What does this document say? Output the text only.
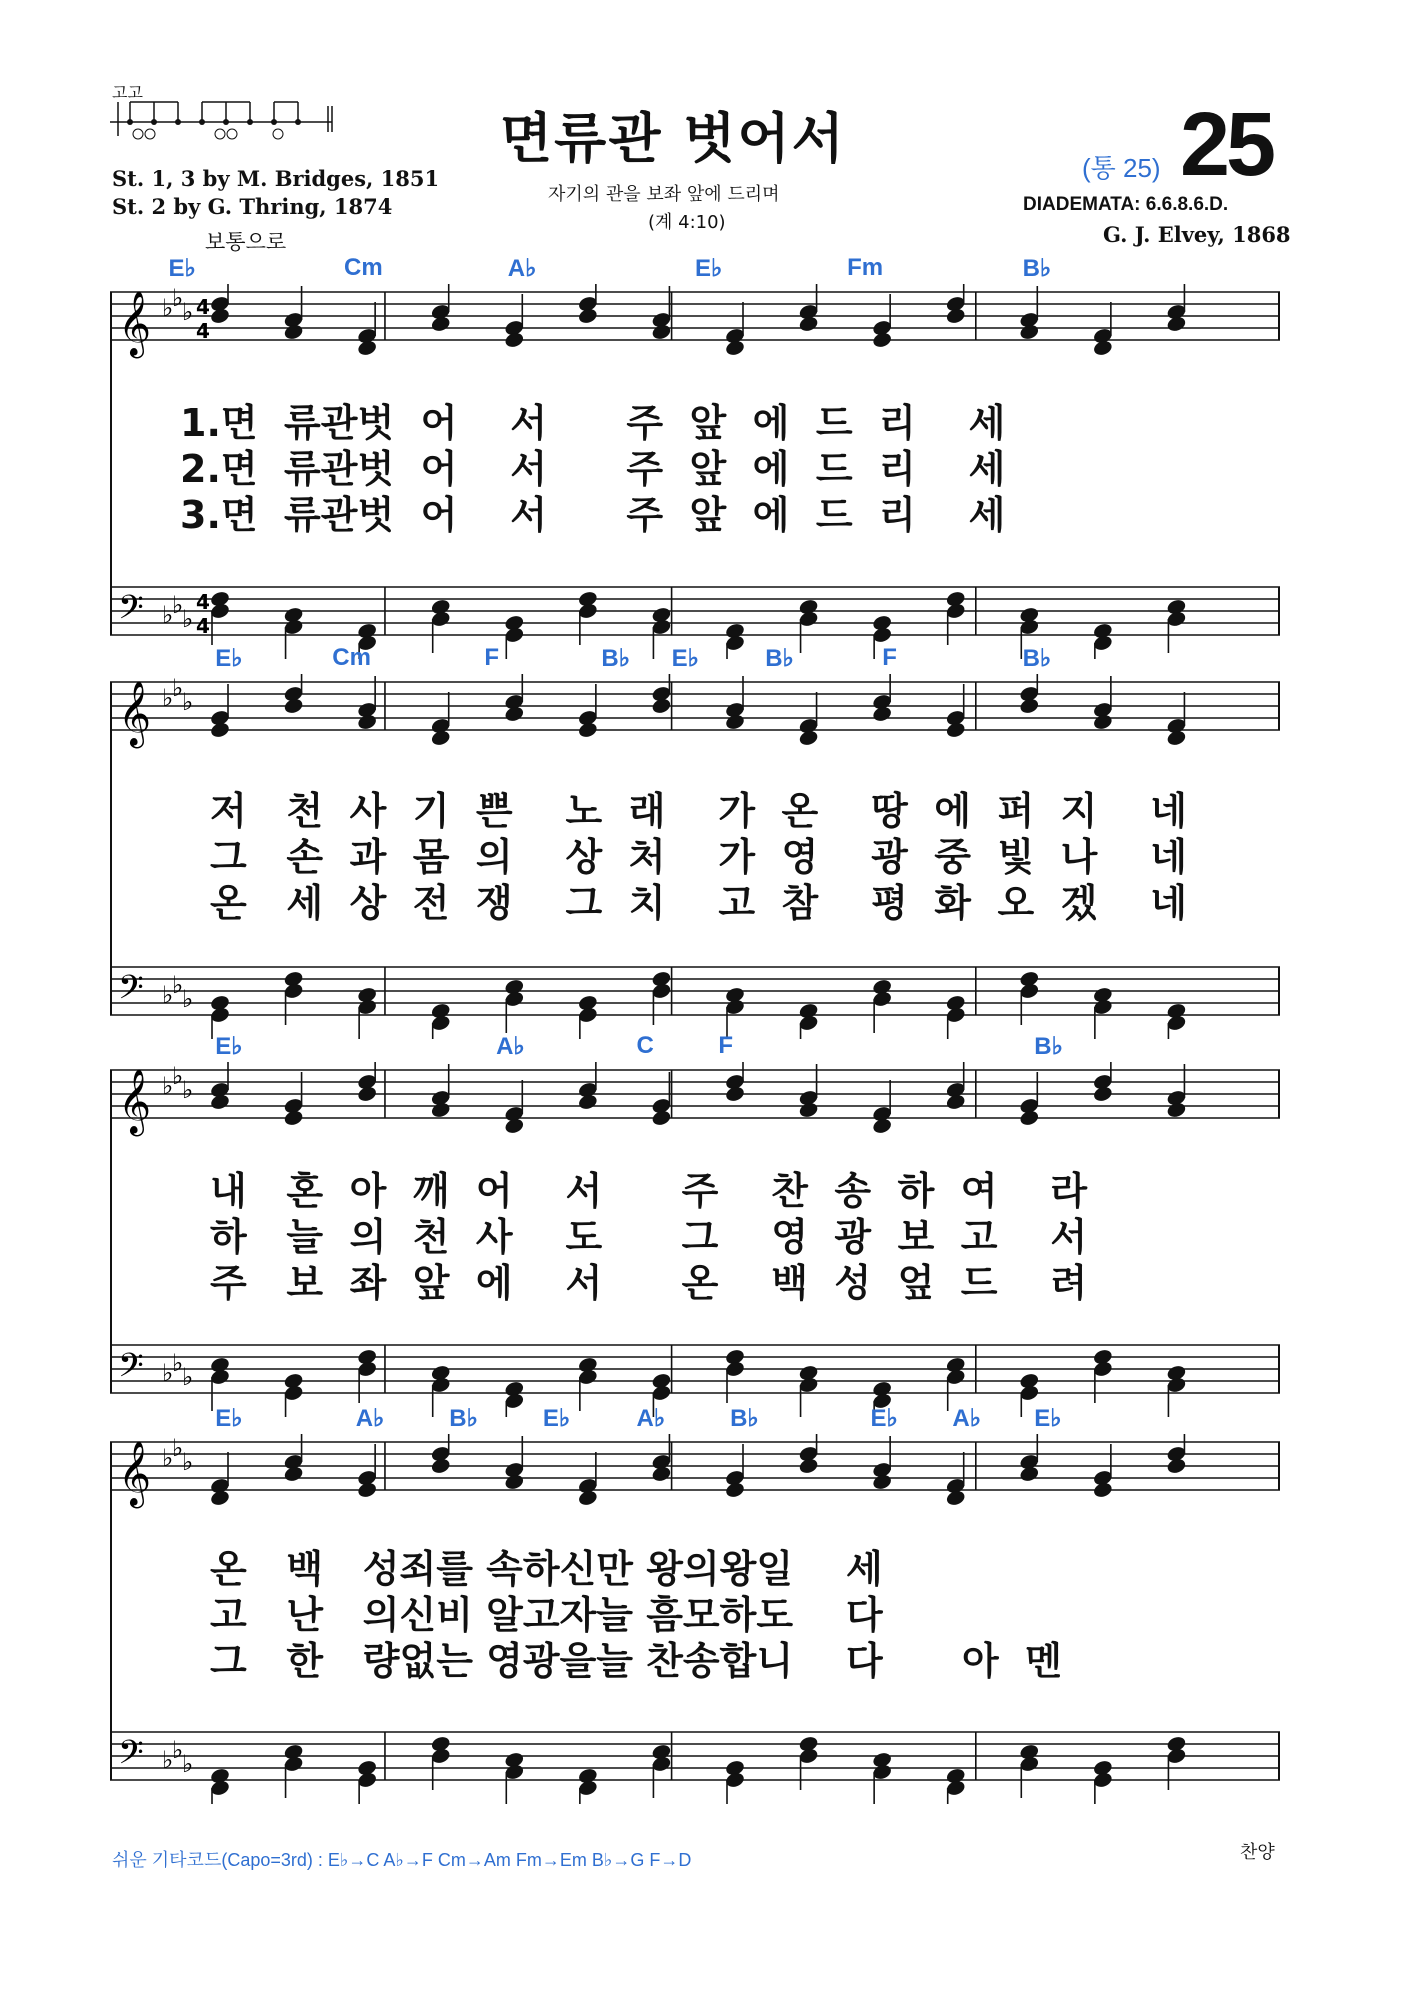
고고
St. 1, 3 by M. Bridges, 1851
St. 2 by G. Thring, 1874
보통으로
면류관 벗어서
자기의 관을 보좌 앞에 드리며
(계 4:10)
(통 25) 25
DIADEMATA: 6.6.8.6.D.
G. J. Elvey, 1868
E♭	Cm	A♭	E♭	Fm	B♭
𝄞 ♭
♭
♭ 4
4
𝄢 ♭
♭
♭
4
4
1.면  류관벗  어    서      주  앞  에  드  리    세
2.면  류관벗  어    서      주  앞  에  드  리    세
3.면  류관벗  어    서      주  앞  에  드  리    세
E♭	Cm	F	B♭ E♭	B♭	F	B♭
𝄞 ♭
♭
♭
𝄢 ♭
♭
♭
저   천  사  기  쁜    노  래    가  온    땅  에  퍼  지    네
그   손  과  몸  의    상  처    가  영    광  중  빛  나    네
온   세  상  전  쟁    그  치    고  참    평  화  오  겠    네
E♭	A♭	C	F	B♭
𝄞 ♭
♭
♭
𝄢 ♭
♭
♭
내   혼  아  깨  어    서      주    찬  송  하  여    라
하   늘  의  천  사    도      그    영  광  보  고    서
주   보  좌  앞  에    서      온    백  성  엎  드    려
E♭	A♭	B♭	E♭	A♭	B♭	E♭ A♭ E♭
𝄞 ♭
♭
♭
𝄢 ♭
♭
♭
온   백   성죄를 속하신만 왕의왕일    세
고   난   의신비 알고자늘 흠모하도    다
그   한   량없는 영광을늘 찬송합니    다      아  멘
쉬운 기타코드(Capo=3rd) : E♭→C A♭→F Cm→Am Fm→Em B♭→G F→D	찬양
